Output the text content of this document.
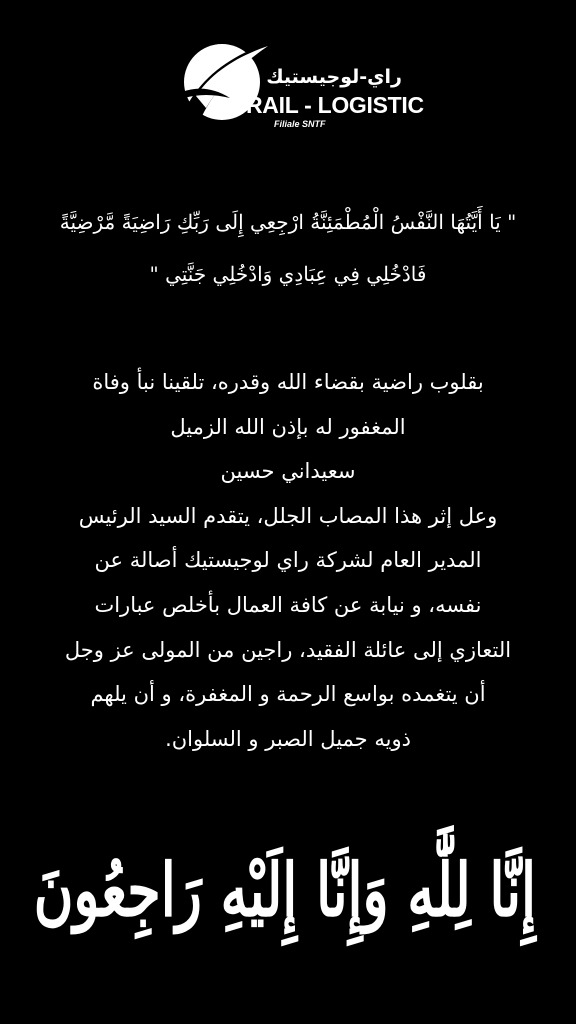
راي-لوجيستيك
RAIL - LOGISTIC
Filiale SNTF
" يَا أَيَّتُهَا النَّفْسُ الْمُطْمَئِنَّةُ ارْجِعِي إِلَى رَبِّكِ رَاضِيَةً مَّرْضِيَّةً
فَادْخُلِي فِي عِبَادِي وَادْخُلِي جَنَّتِي "
بقلوب راضية بقضاء الله وقدره، تلقينا نبأ وفاة
المغفور له بإذن الله الزميل
سعيداني حسين
وعل إثر هذا المصاب الجلل، يتقدم السيد الرئيس
المدير العام لشركة راي لوجيستيك أصالة عن
نفسه، و نيابة عن كافة العمال بأخلص عبارات
التعازي إلى عائلة الفقيد، راجين من المولى عز وجل
أن يتغمده بواسع الرحمة و المغفرة، و أن يلهم
ذويه جميل الصبر و السلوان.
إِنَّا لِلَّٰهِ وَإِنَّا إِلَيْهِ رَاجِعُونَ
